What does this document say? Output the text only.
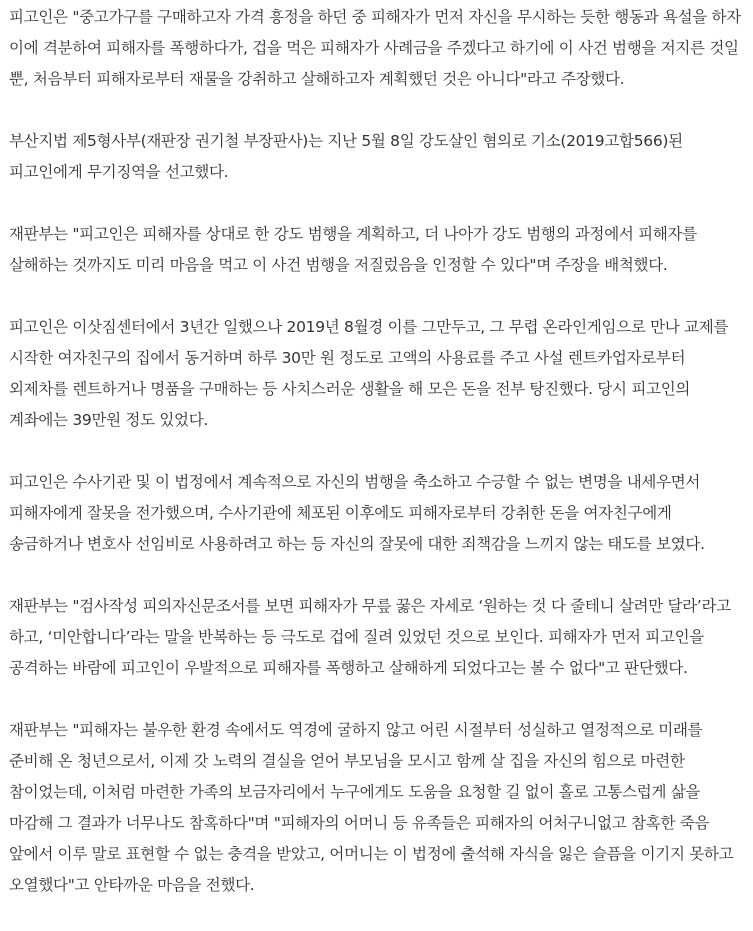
피고인은 "중고가구를 구매하고자 가격 흥정을 하던 중 피해자가 먼저 자신을 무시하는 듯한 행동과 욕설을 하자 이에 격분하여 피해자를 폭행하다가, 겁을 먹은 피해자가 사례금을 주겠다고 하기에 이 사건 범행을 저지른 것일 뿐, 처음부터 피해자로부터 재물을 강취하고 살해하고자 계획했던 것은 아니다"라고 주장했다.

부산지법 제5형사부(재판장 권기철 부장판사)는 지난 5월 8일 강도살인 혐의로 기소(2019고합566)된 피고인에게 무기징역을 선고했다.

재판부는 "피고인은 피해자를 상대로 한 강도 범행을 계획하고, 더 나아가 강도 범행의 과정에서 피해자를 살해하는 것까지도 미리 마음을 먹고 이 사건 범행을 저질렀음을 인정할 수 있다"며 주장을 배척했다.

피고인은 이삿짐센터에서 3년간 일했으나 2019년 8월경 이를 그만두고, 그 무렵 온라인게임으로 만나 교제를 시작한 여자친구의 집에서 동거하며 하루 30만 원 정도로 고액의 사용료를 주고 사설 렌트카업자로부터 외제차를 렌트하거나 명품을 구매하는 등 사치스러운 생활을 해 모은 돈을 전부 탕진했다. 당시 피고인의 계좌에는 39만원 정도 있었다.

피고인은 수사기관 및 이 법정에서 계속적으로 자신의 범행을 축소하고 수긍할 수 없는 변명을 내세우면서 피해자에게 잘못을 전가했으며, 수사기관에 체포된 이후에도 피해자로부터 강취한 돈을 여자친구에게 송금하거나 변호사 선임비로 사용하려고 하는 등 자신의 잘못에 대한 죄책감을 느끼지 않는 태도를 보였다.

재판부는 "검사작성 피의자신문조서를 보면 피해자가 무릎 꿇은 자세로 ‘원하는 것 다 줄테니 살려만 달라’라고 하고, ‘미안합니다’라는 말을 반복하는 등 극도로 겁에 질려 있었던 것으로 보인다. 피해자가 먼저 피고인을 공격하는 바람에 피고인이 우발적으로 피해자를 폭행하고 살해하게 되었다고는 볼 수 없다"고 판단했다.

재판부는 "피해자는 불우한 환경 속에서도 역경에 굴하지 않고 어린 시절부터 성실하고 열정적으로 미래를 준비해 온 청년으로서, 이제 갓 노력의 결실을 얻어 부모님을 모시고 함께 살 집을 자신의 힘으로 마련한 참이었는데, 이처럼 마련한 가족의 보금자리에서 누구에게도 도움을 요청할 길 없이 홀로 고통스럽게 삶을 마감해 그 결과가 너무나도 참혹하다"며 "피해자의 어머니 등 유족들은 피해자의 어처구니없고 참혹한 죽음 앞에서 이루 말로 표현할 수 없는 충격을 받았고, 어머니는 이 법정에 출석해 자식을 잃은 슬픔을 이기지 못하고 오열했다"고 안타까운 마음을 전했다.
